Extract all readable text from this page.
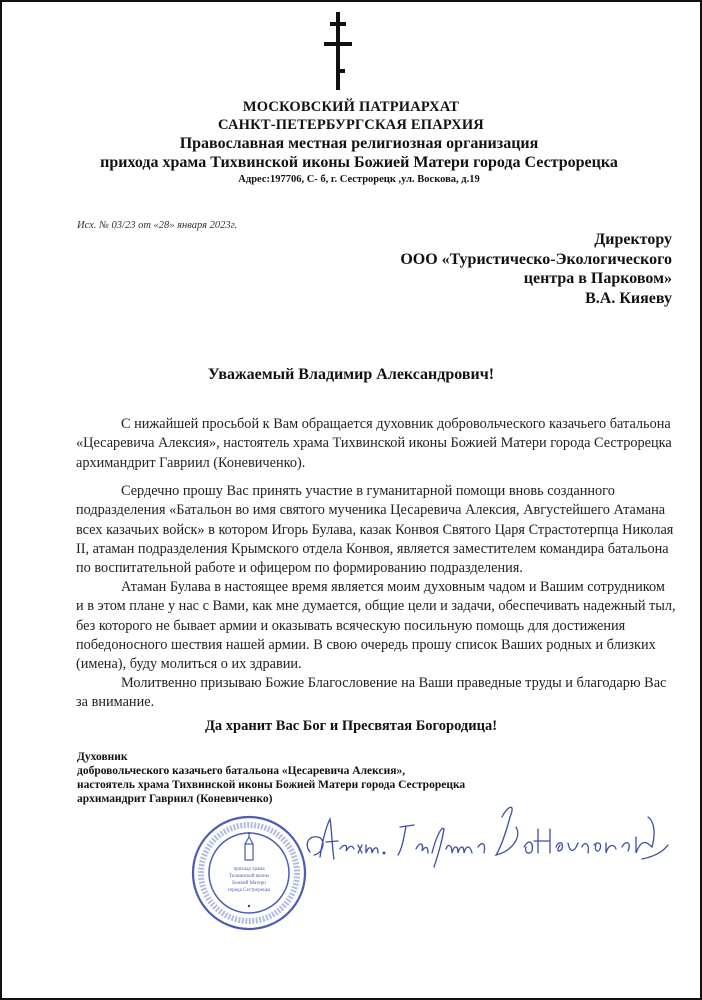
МОСКОВСКИЙ ПАТРИАРХАТ
САНКТ-ПЕТЕРБУРГСКАЯ ЕПАРХИЯ
Православная местная религиозная организация
прихода храма Тихвинской иконы Божией Матери города Сестрорецка
Адрес:197706, С- б, г. Сестрорецк ,ул. Воскова, д.19
Исх. № 03/23 от «28» января 2023г.
Директору
ООО «Туристическо-Экологического
центра в Парковом»
В.А. Кияеву
Уважаемый Владимир Александрович!

С нижайшей просьбой к Вам обращается духовник добровольческого казачьего батальона «Цесаревича Алексия», настоятель храма Тихвинской иконы Божией Матери города Сестрорецка архимандрит Гавриил (Коневиченко).

Сердечно прошу Вас принять участие в гуманитарной помощи вновь созданного подразделения «Батальон во имя святого мученика Цесаревича Алексия, Августейшего Атамана всех казачьих войск» в котором Игорь Булава, казак Конвоя Святого Царя Страстотерпца Николая II, атаман подразделения Крымского отдела Конвоя, является заместителем командира батальона по воспитательной работе и офицером по формированию подразделения.

Атаман Булава в настоящее время является моим духовным чадом и Вашим сотрудником и в этом плане у нас с Вами, как мне думается, общие цели и задачи, обеспечивать надежный тыл, без которого не бывает армии и оказывать всяческую посильную помощь для достижения победоносного шествия нашей армии. В свою очередь прошу список Ваших родных и близких (имена), буду молиться о их здравии.

Молитвенно призываю Божие Благословение на Ваши праведные труды и благодарю Вас за внимание.

Да хранит Вас Бог и Пресвятая Богородица!
Духовник
добровольческого казачьего батальона «Цесаревича Алексия»,
настоятель храма Тихвинской иконы Божией Матери города Сестрорецка
архимандрит Гавриил (Коневиченко)
прихода храма
Тихвинской иконы
Божией Матери
города Сестрорецка
